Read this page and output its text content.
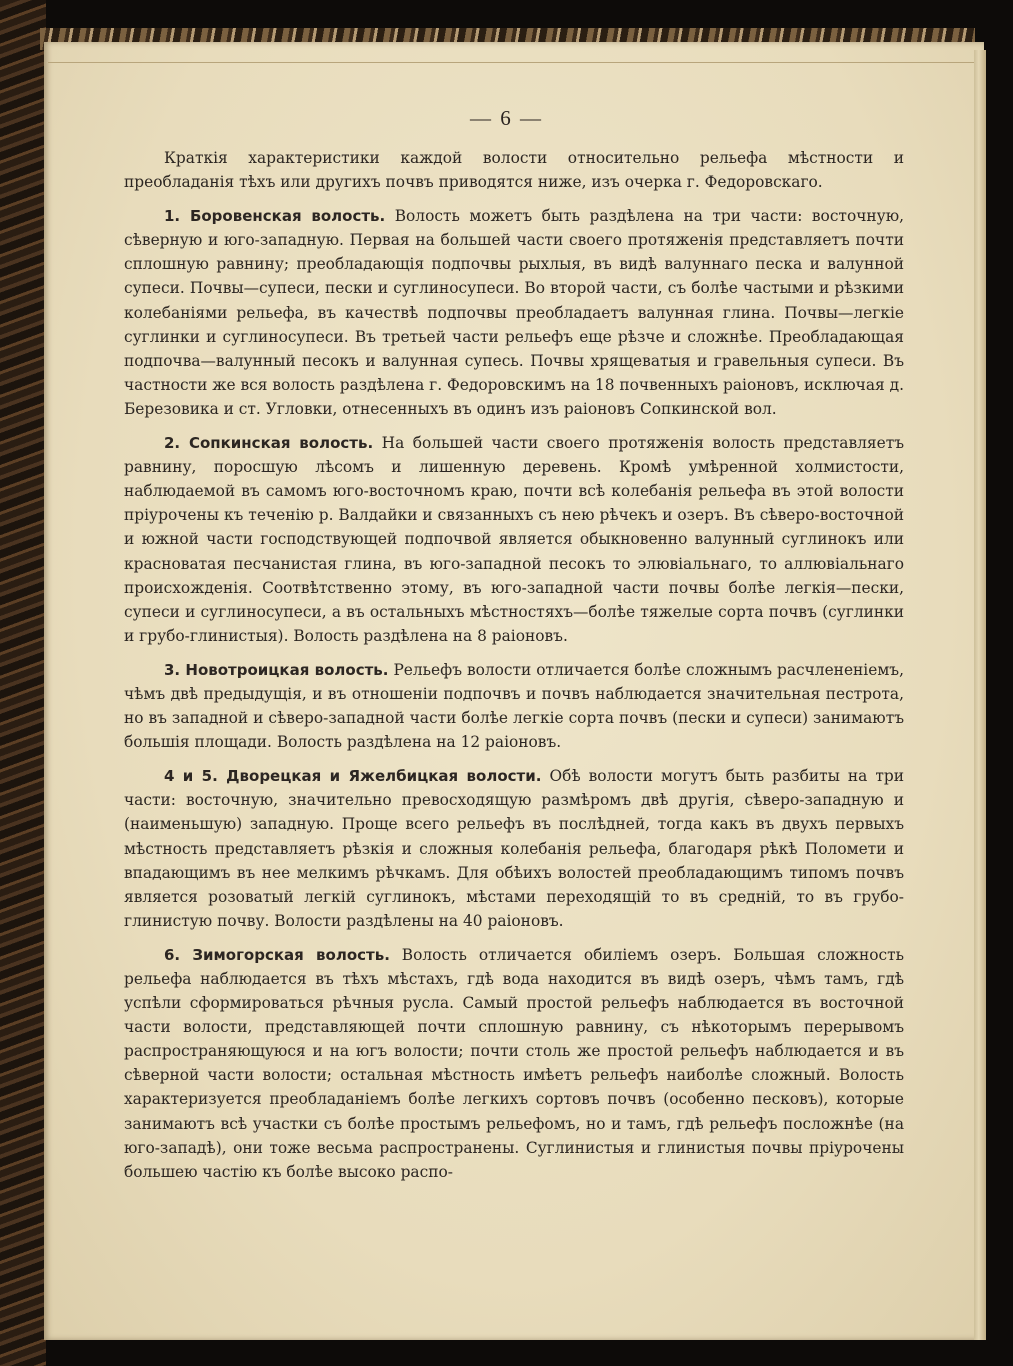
— 6 —

Краткія характеристики каждой волости относительно рельефа мѣстности и преобладанія тѣхъ или другихъ почвъ приводятся ниже, изъ очерка г. Федоровскаго.

1. Боровенская волость. Волость можетъ быть раздѣлена на три части: восточную, сѣверную и юго-западную. Первая на большей части своего протяженія представляетъ почти сплошную равнину; преобладающія подпочвы рыхлыя, въ видѣ валуннаго песка и валунной супеси. Почвы—супеси, пески и суглиносупеси. Во второй части, съ болѣе частыми и рѣзкими колебаніями рельефа, въ качествѣ подпочвы преобладаетъ валунная глина. Почвы—легкіе суглинки и суглиносупеси. Въ третьей части рельефъ еще рѣзче и сложнѣе. Преобладающая подпочва—валунный песокъ и валунная супесь. Почвы хрящеватыя и гравельныя супеси. Въ частности же вся волость раздѣлена г. Федоровскимъ на 18 почвенныхъ раіоновъ, исключая д. Березовика и ст. Угловки, отнесенныхъ въ одинъ изъ раіоновъ Сопкинской вол.

2. Сопкинская волость. На большей части своего протяженія волость представляетъ равнину, поросшую лѣсомъ и лишенную деревень. Кромѣ умѣренной холмистости, наблюдаемой въ самомъ юго-восточномъ краю, почти всѣ колебанія рельефа въ этой волости пріурочены къ теченію р. Валдайки и связанныхъ съ нею рѣчекъ и озеръ. Въ сѣверо-восточной и южной части господствующей подпочвой является обыкновенно валунный суглинокъ или красноватая песчанистая глина, въ юго-западной песокъ то элювіальнаго, то аллювіальнаго происхожденія. Соотвѣтственно этому, въ юго-западной части почвы болѣе легкія—пески, супеси и суглиносупеси, а въ остальныхъ мѣстностяхъ—болѣе тяжелые сорта почвъ (суглинки и грубо-глинистыя). Волость раздѣлена на 8 раіоновъ.

3. Новотроицкая волость. Рельефъ волости отличается болѣе сложнымъ расчлененіемъ, чѣмъ двѣ предыдущія, и въ отношеніи подпочвъ и почвъ наблюдается значительная пестрота, но въ западной и сѣверо-западной части болѣе легкіе сорта почвъ (пески и супеси) занимаютъ большія площади. Волость раздѣлена на 12 раіоновъ.

4 и 5. Дворецкая и Яжелбицкая волости. Обѣ волости могутъ быть разбиты на три части: восточную, значительно превосходящую размѣромъ двѣ другія, сѣверо-западную и (наименьшую) западную. Проще всего рельефъ въ послѣдней, тогда какъ въ двухъ первыхъ мѣстность представляетъ рѣзкія и сложныя колебанія рельефа, благодаря рѣкѣ Поломети и впадающимъ въ нее мелкимъ рѣчкамъ. Для обѣихъ волостей преобладающимъ типомъ почвъ является розоватый легкій суглинокъ, мѣстами переходящій то въ средній, то въ грубо-глинистую почву. Волости раздѣлены на 40 раіоновъ.

6. Зимогорская волость. Волость отличается обиліемъ озеръ. Большая сложность рельефа наблюдается въ тѣхъ мѣстахъ, гдѣ вода находится въ видѣ озеръ, чѣмъ тамъ, гдѣ успѣли сформироваться рѣчныя русла. Самый простой рельефъ наблюдается въ восточной части волости, представляющей почти сплошную равнину, съ нѣкоторымъ перерывомъ распространяющуюся и на югъ волости; почти столь же простой рельефъ наблюдается и въ сѣверной части волости; остальная мѣстность имѣетъ рельефъ наиболѣе сложный. Волость характеризуется преобладаніемъ болѣе легкихъ сортовъ почвъ (особенно песковъ), которые занимаютъ всѣ участки съ болѣе простымъ рельефомъ, но и тамъ, гдѣ рельефъ посложнѣе (на юго-западѣ), они тоже весьма распространены. Суглинистыя и глинистыя почвы пріурочены большею частію къ болѣе высоко распо-
